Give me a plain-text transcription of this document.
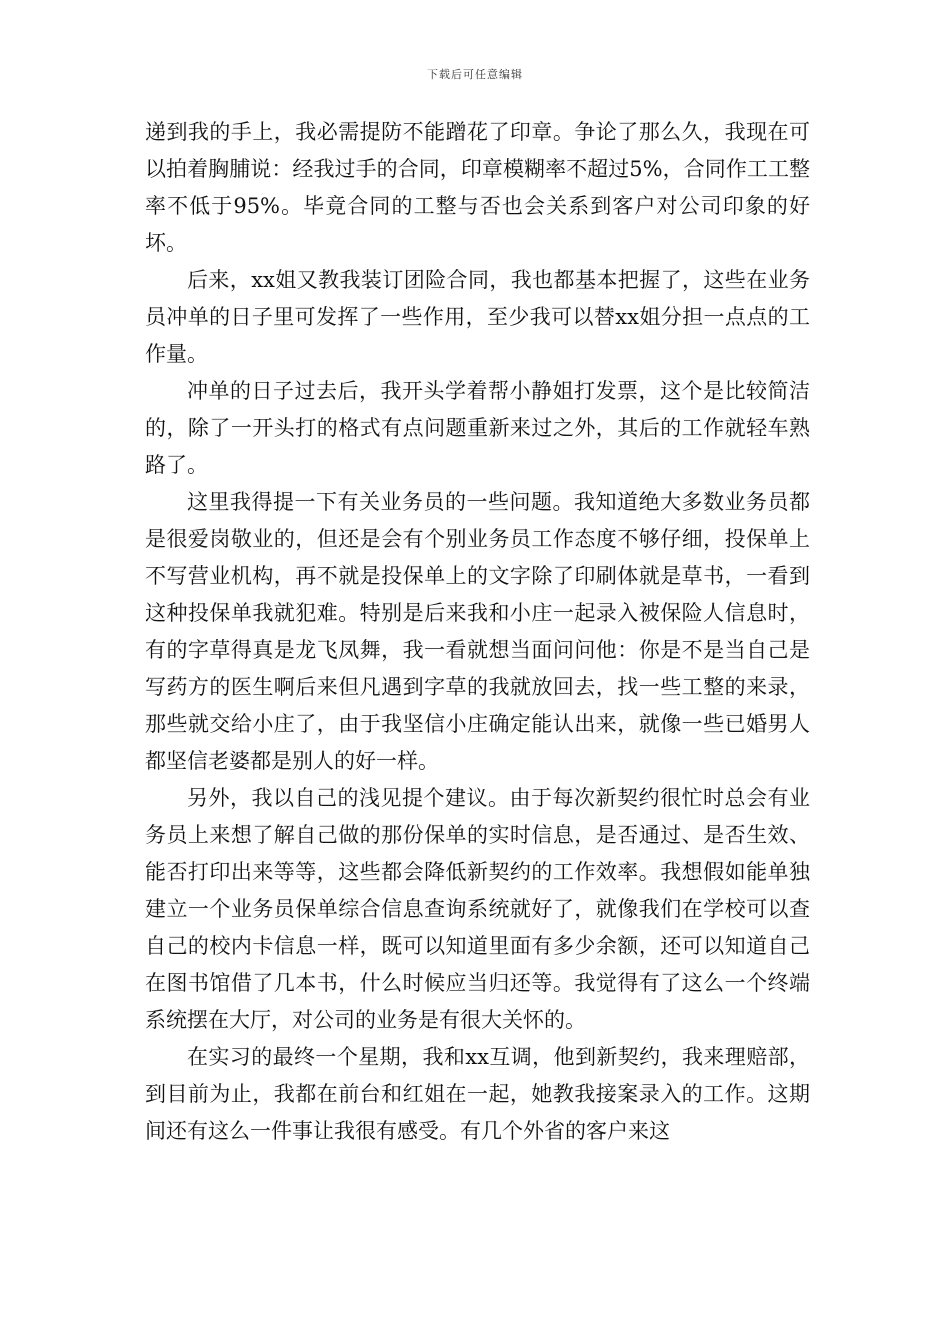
下载后可任意编辑

递到我的手上，我必需提防不能蹭花了印章。争论了那么久，我现在可以拍着胸脯说：经我过手的合同，印章模糊率不超过5%，合同作工工整率不低于95%。毕竟合同的工整与否也会关系到客户对公司印象的好坏。

后来，xx姐又教我装订团险合同，我也都基本把握了，这些在业务员冲单的日子里可发挥了一些作用，至少我可以替xx姐分担一点点的工作量。

冲单的日子过去后，我开头学着帮小静姐打发票，这个是比较简洁的，除了一开头打的格式有点问题重新来过之外，其后的工作就轻车熟路了。

这里我得提一下有关业务员的一些问题。我知道绝大多数业务员都是很爱岗敬业的，但还是会有个别业务员工作态度不够仔细，投保单上不写营业机构，再不就是投保单上的文字除了印刷体就是草书，一看到这种投保单我就犯难。特别是后来我和小庄一起录入被保险人信息时，有的字草得真是龙飞凤舞，我一看就想当面问问他：你是不是当自己是写药方的医生啊后来但凡遇到字草的我就放回去，找一些工整的来录，那些就交给小庄了，由于我坚信小庄确定能认出来，就像一些已婚男人都坚信老婆都是别人的好一样。

另外，我以自己的浅见提个建议。由于每次新契约很忙时总会有业务员上来想了解自己做的那份保单的实时信息，是否通过、是否生效、能否打印出来等等，这些都会降低新契约的工作效率。我想假如能单独建立一个业务员保单综合信息查询系统就好了，就像我们在学校可以查自己的校内卡信息一样，既可以知道里面有多少余额，还可以知道自己在图书馆借了几本书，什么时候应当归还等。我觉得有了这么一个终端系统摆在大厅，对公司的业务是有很大关怀的。

在实习的最终一个星期，我和xx互调，他到新契约，我来理赔部，到目前为止，我都在前台和红姐在一起，她教我接案录入的工作。这期间还有这么一件事让我很有感受。有几个外省的客户来这
